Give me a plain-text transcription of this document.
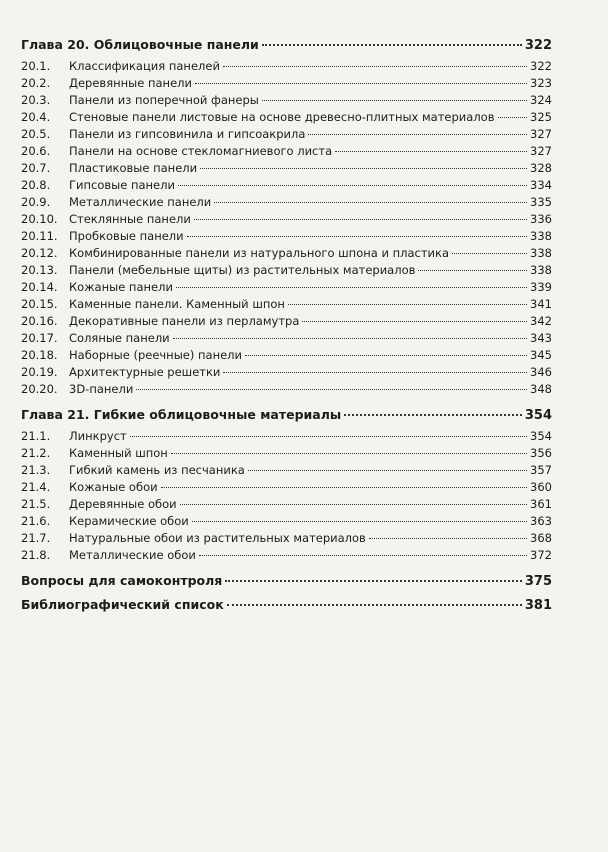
Глава 20. Облицовочные панели	322
20.1.	Классификация панелей	322
20.2.	Деревянные панели	323
20.3.	Панели из поперечной фанеры	324
20.4.	Стеновые панели листовые на основе древесно-плитных материалов	325
20.5.	Панели из гипсовинила и гипсоакрила	327
20.6.	Панели на основе стекломагниевого листа	327
20.7.	Пластиковые панели	328
20.8.	Гипсовые панели	334
20.9.	Металлические панели	335
20.10. Стеклянные панели	336
20.11. Пробковые панели	338
20.12. Комбинированные панели из натурального шпона и пластика	338
20.13. Панели (мебельные щиты) из растительных материалов	338
20.14. Кожаные панели	339
20.15. Каменные панели. Каменный шпон	341
20.16. Декоративные панели из перламутра	342
20.17. Соляные панели	343
20.18. Наборные (реечные) панели	345
20.19. Архитектурные решетки	346
20.20. 3D-панели	348
Глава 21. Гибкие облицовочные материалы	354
21.1.	Линкруст	354
21.2.	Каменный шпон	356
21.3.	Гибкий камень из песчаника	357
21.4.	Кожаные обои	360
21.5.	Деревянные обои	361
21.6.	Керамические обои	363
21.7.	Натуральные обои из растительных материалов	368
21.8.	Металлические обои	372
Вопросы для самоконтроля	375
Библиографический список	381
